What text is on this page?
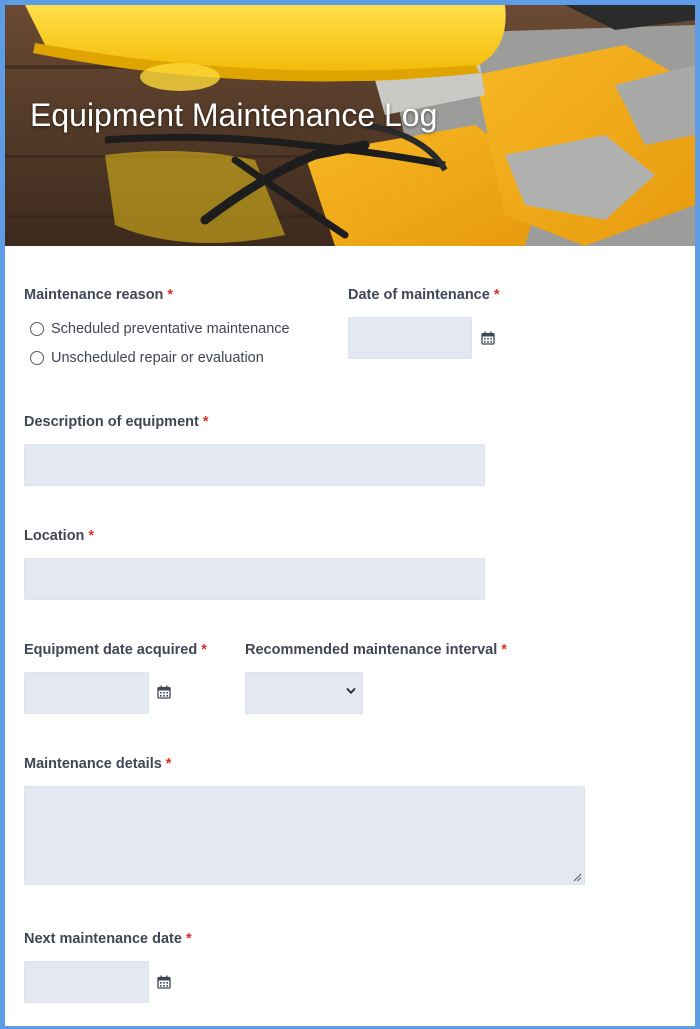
Equipment Maintenance Log
Maintenance reason *
Scheduled preventative maintenance
Unscheduled repair or evaluation
Date of maintenance *
Description of equipment *
Location *
Equipment date acquired *	Recommended maintenance interval *
Maintenance details *
Next maintenance date *
